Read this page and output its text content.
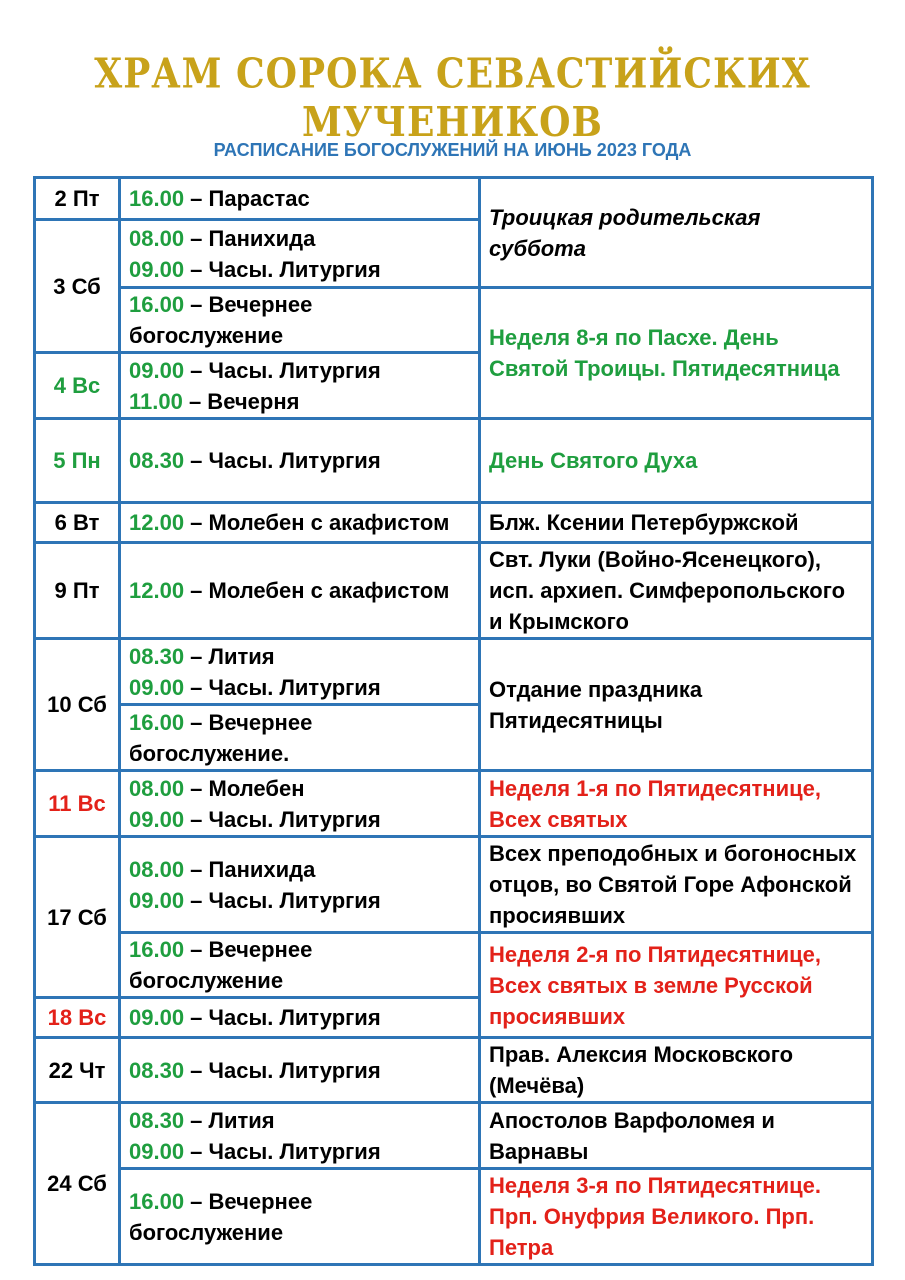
ХРАМ СОРОКА СЕВАСТИЙСКИХ МУЧЕНИКОВ
РАСПИСАНИЕ БОГОСЛУЖЕНИЙ НА ИЮНЬ 2023 ГОДА
2 Пт	16.00 – Парастас	Троицкая родительская суббота
3 Сб	08.00 – Панихида
09.00 – Часы. Литургия	

	16.00 – Вечернее богослужение	Неделя 8-я по Пасхе. День Святой Троицы. Пятидесятница
4 Вс	09.00 – Часы. Литургия
11.00 – Вечерня	

5 Пн	08.30 – Часы. Литургия	День Святого Духа
6 Вт	12.00 – Молебен с акафистом	Блж. Ксении Петербуржской
9 Пт	12.00 – Молебен с акафистом	Свт. Луки (Войно-Ясенецкого), исп. архиеп. Симферопольского и Крымского
10 Сб	08.30 – Лития
09.00 – Часы. Литургия	Отдание праздника Пятидесятницы

	16.00 – Вечернее богослужение.	

11 Вс	08.00 – Молебен
09.00 – Часы. Литургия	Неделя 1-я по Пятидесятнице, Всех святых
17 Сб	08.00 – Панихида
09.00 – Часы. Литургия	Всех преподобных и богоносных отцов, во Святой Горе Афонской просиявших

	16.00 – Вечернее богослужение	Неделя 2-я по Пятидесятнице, Всех святых в земле Русской просиявших
18 Вс	09.00 – Часы. Литургия	

22 Чт	08.30 – Часы. Литургия	Прав. Алексия Московского (Мечёва)
24 Сб	08.30 – Лития
09.00 – Часы. Литургия	Апостолов Варфоломея и Варнавы

	16.00 – Вечернее богослужение	Неделя 3-я по Пятидесятнице. Прп. Онуфрия Великого. Прп. Петра
